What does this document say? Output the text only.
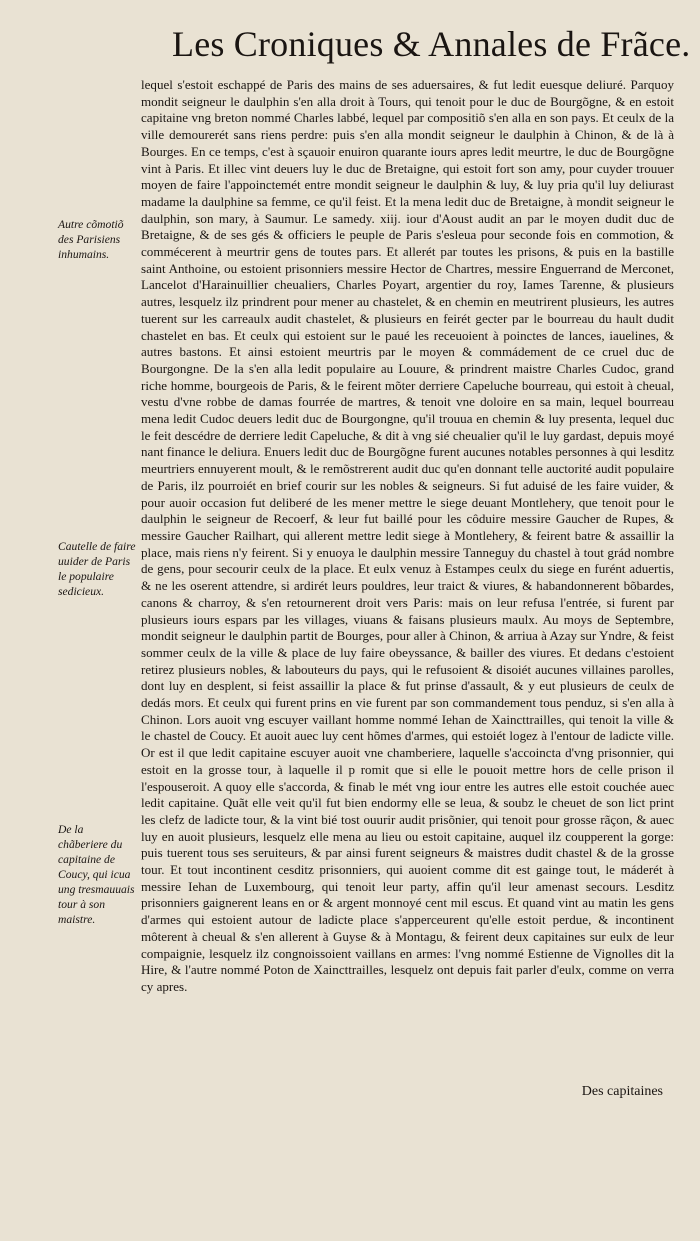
Les Croniques & Annales de Frãce.

lequel s'estoit eschappé de Paris des mains de ses aduersaires, & fut ledit euesque deliuré. Parquoy mondit seigneur le daulphin s'en alla droit à Tours, qui tenoit pour le duc de Bourgõgne, & en estoit capitaine vng breton nommé Charles labbé, lequel par compositiõ s'en alla en son pays. Et ceulx de la ville demourerét sans riens perdre: puis s'en alla mondit seigneur le daulphin à Chinon, & de là à Bourges. En ce temps, c'est à sçauoir enuiron quarante iours apres ledit meurtre, le duc de Bourgõgne vint à Paris. Et illec vint deuers luy le duc de Bretaigne, qui estoit fort son amy, pour cuyder trouuer moyen de faire l'appoinctemét entre mondit seigneur le daulphin & luy, & luy pria qu'il luy deliurast madame la daulphine sa femme, ce qu'il feist. Et la mena ledit duc de Bretaigne, à mondit seigneur le daulphin, son mary, à Saumur. Le samedy. xiij. iour d'Aoust audit an par le moyen dudit duc de Bretaigne, & de ses gés & officiers le peuple de Paris s'esleua pour seconde fois en commotion, & commécerent à meurtrir gens de toutes pars. Et allerét par toutes les prisons, & puis en la bastille saint Anthoine, ou estoient prisonniers messire Hector de Chartres, messire Enguerrand de Merconet, Lancelot d'Harainuillier cheualiers, Charles Poyart, argentier du roy, Iames Tarenne, & plusieurs autres, lesquelz ilz prindrent pour mener au chastelet, & en chemin en meutrirent plusieurs, les autres tuerent sur les carreaulx audit chastelet, & plusieurs en feirét gecter par le bourreau du hault dudit chastelet en bas. Et ceulx qui estoient sur le paué les receuoient à poinctes de lances, iauelines, & autres bastons. Et ainsi estoient meurtris par le moyen & commádement de ce cruel duc de Bourgongne. De la s'en alla ledit populaire au Louure, & prindrent maistre Charles Cudoc, grand riche homme, bourgeois de Paris, & le feirent mõter derriere Capeluche bourreau, qui estoit à cheual, vestu d'vne robbe de damas fourrée de martres, & tenoit vne doloire en sa main, lequel bourreau mena ledit Cudoc deuers ledit duc de Bourgongne, qu'il trouua en chemin & luy presenta, lequel duc le feit descédre de derriere ledit Capeluche, & dit à vng sié cheualier qu'il le luy gardast, depuis moyé nant finance le deliura. Enuers ledit duc de Bourgõgne furent aucunes notables personnes à qui lesditz meurtriers ennuyerent moult, & le remõstrerent audit duc qu'en donnant telle auctorité audit populaire de Paris, ilz pourroiét en brief courir sur les nobles & seigneurs. Si fut aduisé de les faire vuider, & pour auoir occasion fut deliberé de les mener mettre le siege deuant Montlehery, que tenoit pour le daulphin le seigneur de Recoerf, & leur fut baillé pour les côduire messire Gaucher de Rupes, & messire Gaucher Railhart, qui allerent mettre ledit siege à Montlehery, & feirent batre & assaillir la place, mais riens n'y feirent. Si y enuoya le daulphin messire Tanneguy du chastel à tout grád nombre de gens, pour secourir ceulx de la place. Et eulx venuz à Estampes ceulx du siege en furént aduertis, & ne les oserent attendre, si ardirét leurs pouldres, leur traict & viures, & habandonnerent bõbardes, canons & charroy, & s'en retournerent droit vers Paris: mais on leur refusa l'entrée, si furent par plusieurs iours espars par les villages, viuans & faisans plusieurs maulx. Au moys de Septembre, mondit seigneur le daulphin partit de Bourges, pour aller à Chinon, & arriua à Azay sur Yndre, & feist sommer ceulx de la ville & place de luy faire obeyssance, & bailler des viures. Et dedans c'estoient retirez plusieurs nobles, & labouteurs du pays, qui le refusoient & disoiét aucunes villaines parolles, dont luy en desplent, si feist assaillir la place & fut prinse d'assault, & y eut plusieurs de ceulx de dedás mors. Et ceulx qui furent prins en vie furent par son commandement tous penduz, si s'en alla à Chinon. Lors auoit vng escuyer vaillant homme nommé Iehan de Xaincttrailles, qui tenoit la ville & le chastel de Coucy. Et auoit auec luy cent hõmes d'armes, qui estoiét logez à l'entour de ladicte ville. Or est il que ledit capitaine escuyer auoit vne chamberiere, laquelle s'accoincta d'vng prisonnier, qui estoit en la grosse tour, à laquelle il p romit que si elle le pouoit mettre hors de celle prison il l'espouseroit. A quoy elle s'accorda, & finab le mét vng iour entre les autres elle estoit couchée auec ledit capitaine. Quãt elle veit qu'il fut bien endormy elle se leua, & soubz le cheuet de son lict print les clefz de ladicte tour, & la vint bié tost ouurir audit prisõnier, qui tenoit pour grosse rãçon, & auec luy en auoit plusieurs, lesquelz elle mena au lieu ou estoit capitaine, auquel ilz coupperent la gorge: puis tuerent tous ses seruiteurs, & par ainsi furent seigneurs & maistres dudit chastel & de la grosse tour. Et tout incontinent cesditz prisonniers, qui auoient comme dit est gainge tout, le máderét à messire Iehan de Luxembourg, qui tenoit leur party, affin qu'il leur amenast secours. Lesditz prisonniers gaignerent leans en or & argent monnoyé cent mil escus. Et quand vint au matin les gens d'armes qui estoient autour de ladicte place s'apperceurent qu'elle estoit perdue, & incontinent môterent à cheual & s'en allerent à Guyse & à Montagu, & feirent deux capitaines sur eulx de leur compaignie, lesquelz ilz congnoissoient vaillans en armes: l'vng nommé Estienne de Vignolles dit la Hire, & l'autre nommé Poton de Xaincttrailles, lesquelz ont depuis fait parler d'eulx, comme on verra cy apres.

Autre cõmotiõ des Parisiens inhumains.
Cautelle de faire uuider de Paris le populaire sedicieux.
De la chãberiere du capitaine de Coucy, qui icua ung tresmauuais tour à son maistre.
Des capitaines
